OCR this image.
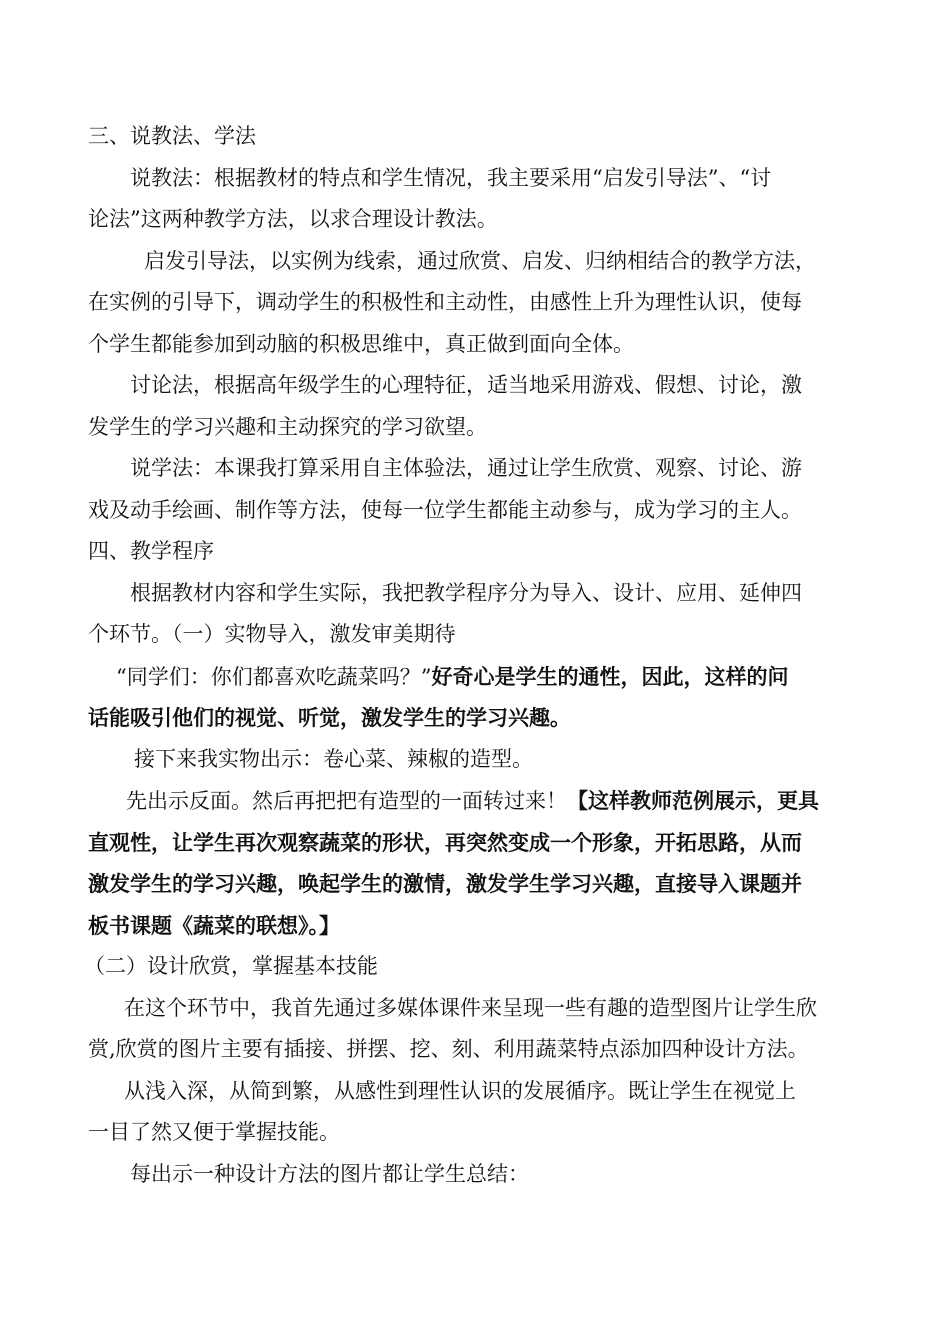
三、说教法、学法
说教法：根据教材的特点和学生情况，我主要采用“启发引导法”、“讨
论法”这两种教学方法，以求合理设计教法。
启发引导法，以实例为线索，通过欣赏、启发、归纳相结合的教学方法，
在实例的引导下，调动学生的积极性和主动性，由感性上升为理性认识，使每
个学生都能参加到动脑的积极思维中，真正做到面向全体。
讨论法，根据高年级学生的心理特征，适当地采用游戏、假想、讨论，激
发学生的学习兴趣和主动探究的学习欲望。
说学法：本课我打算采用自主体验法，通过让学生欣赏、观察、讨论、游
戏及动手绘画、制作等方法，使每一位学生都能主动参与，成为学习的主人。
四、教学程序
根据教材内容和学生实际，我把教学程序分为导入、设计、应用、延伸四
个环节。（一）实物导入，激发审美期待
“同学们：你们都喜欢吃蔬菜吗？”好奇心是学生的通性，因此，这样的问
话能吸引他们的视觉、听觉，激发学生的学习兴趣。
接下来我实物出示：卷心菜、辣椒的造型。
先出示反面。然后再把把有造型的一面转过来！【这样教师范例展示，更具
直观性，让学生再次观察蔬菜的形状，再突然变成一个形象，开拓思路，从而
激发学生的学习兴趣，唤起学生的激情，激发学生学习兴趣，直接导入课题并
板书课题《蔬菜的联想》。】
（二）设计欣赏，掌握基本技能
在这个环节中，我首先通过多媒体课件来呈现一些有趣的造型图片让学生欣
赏,欣赏的图片主要有插接、拼摆、挖、刻、利用蔬菜特点添加四种设计方法。
从浅入深，从简到繁，从感性到理性认识的发展循序。既让学生在视觉上
一目了然又便于掌握技能。
每出示一种设计方法的图片都让学生总结：
